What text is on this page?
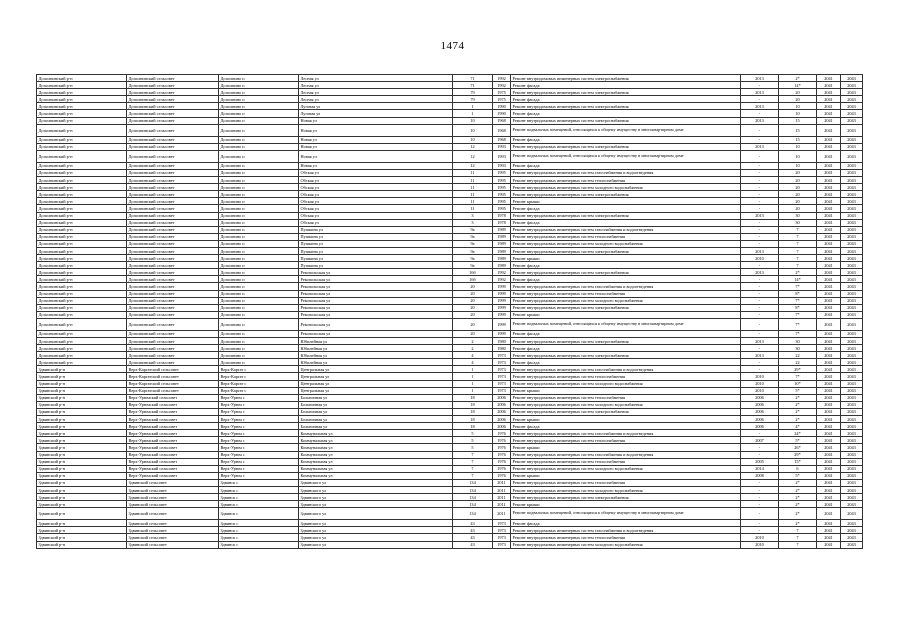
1474
Дополнинский р-н	Дополнинский сельсовет	Дополнино п	Лесная ул	71	1992	Ремонт внутридомовых инженерных систем электроснабжения	2013	2*	2041	2043
Дополнинский р-н	Дополнинский сельсовет	Дополнино п	Лесная ул	71	1992	Ремонт фасада	-	14*	2041	2043
Дополнинский р-н	Дополнинский сельсовет	Дополнино п	Лесная ул	79	1975	Ремонт внутридомовых инженерных систем электроснабжения	2013	20	2041	2043
Дополнинский р-н	Дополнинский сельсовет	Дополнино п	Лесная ул	79	1975	Ремонт фасада	-	20	2041	2043
Дополнинский р-н	Дополнинский сельсовет	Дополнино п	Луговая ул	1	1990	Ремонт внутридомовых инженерных систем электроснабжения	2013	10	2041	2043
Дополнинский р-н	Дополнинский сельсовет	Дополнино п	Луговая ул	1	1990	Ремонт фасада	-	10	2041	2043
Дополнинский р-н	Дополнинский сельсовет	Дополнино п	Новая ул	10	1968	Ремонт внутридомовых инженерных систем электроснабжения	2013	15	2041	2043
Дополнинский р-н	Дополнинский сельсовет	Дополнино п	Новая ул	10	1968	Ремонт подвальных помещений, относящихся к общему имуществу в многоквартирном доме	-	15	2041	2043
Дополнинский р-н	Дополнинский сельсовет	Дополнино п	Новая ул	10	1968	Ремонт фасада	-	15	2041	2043
Дополнинский р-н	Дополнинский сельсовет	Дополнино п	Новая ул	12	1993	Ремонт внутридомовых инженерных систем электроснабжения	2013	10	2041	2043
Дополнинский р-н	Дополнинский сельсовет	Дополнино п	Новая ул	12	1993	Ремонт подвальных помещений, относящихся к общему имуществу в многоквартирном доме	-	10	2041	2043
Дополнинский р-н	Дополнинский сельсовет	Дополнино п	Новая ул	12	1993	Ремонт фасада	-	10	2041	2043
Дополнинский р-н	Дополнинский сельсовет	Дополнино п	Обская ул	11	1995	Ремонт внутридомовых инженерных систем газоснабжения и водоотведения	-	20	2041	2043
Дополнинский р-н	Дополнинский сельсовет	Дополнино п	Обская ул	11	1995	Ремонт внутридомовых инженерных систем теплоснабжения	-	20	2041	2043
Дополнинский р-н	Дополнинский сельсовет	Дополнино п	Обская ул	11	1995	Ремонт внутридомовых инженерных систем холодного водоснабжения	-	20	2041	2043
Дополнинский р-н	Дополнинский сельсовет	Дополнино п	Обская ул	11	1995	Ремонт внутридомовых инженерных систем электроснабжения	-	20	2041	2043
Дополнинский р-н	Дополнинский сельсовет	Дополнино п	Обская ул	11	1995	Ремонт крыши	-	20	2041	2043
Дополнинский р-н	Дополнинский сельсовет	Дополнино п	Обская ул	11	1995	Ремонт фасада	-	20	2041	2043
Дополнинский р-н	Дополнинский сельсовет	Дополнино п	Обская ул	3	1978	Ремонт внутридомовых инженерных систем электроснабжения	2013	30	2041	2043
Дополнинский р-н	Дополнинский сельсовет	Дополнино п	Обская ул	3	1978	Ремонт фасада	-	30	2041	2043
Дополнинский р-н	Дополнинский сельсовет	Дополнино п	Пушкина ул	9а	1989	Ремонт внутридомовых инженерных систем газоснабжения и водоотведения	-	7	2041	2043
Дополнинский р-н	Дополнинский сельсовет	Дополнино п	Пушкина ул	9а	1989	Ремонт внутридомовых инженерных систем теплоснабжения	-	7	2041	2043
Дополнинский р-н	Дополнинский сельсовет	Дополнино п	Пушкина ул	9а	1989	Ремонт внутридомовых инженерных систем холодного водоснабжения	-	7	2041	2043
Дополнинский р-н	Дополнинский сельсовет	Дополнино п	Пушкина ул	9а	1989	Ремонт внутридомовых инженерных систем электроснабжения	2013	7	2041	2043
Дополнинский р-н	Дополнинский сельсовет	Дополнино п	Пушкина ул	9а	1989	Ремонт крыши	2010	7	2041	2043
Дополнинский р-н	Дополнинский сельсовет	Дополнино п	Пушкина ул	9а	1989	Ремонт фасада	-	7	2041	2043
Дополнинский р-н	Дополнинский сельсовет	Дополнино п	Рекопольская ул	16б	1992	Ремонт внутридомовых инженерных систем электроснабжения	2013	2*	2041	2043
Дополнинский р-н	Дополнинский сельсовет	Дополнино п	Рекопольская ул	16б	1992	Ремонт фасада	-	14*	2041	2043
Дополнинский р-н	Дополнинский сельсовет	Дополнино п	Рекопольская ул	20	1999	Ремонт внутридомовых инженерных систем газоснабжения и водоотведения	-	7*	2041	2043
Дополнинский р-н	Дополнинский сельсовет	Дополнино п	Рекопольская ул	20	1999	Ремонт внутридомовых инженерных систем теплоснабжения	-	8*	2041	2043
Дополнинский р-н	Дополнинский сельсовет	Дополнино п	Рекопольская ул	20	1999	Ремонт внутридомовых инженерных систем холодного водоснабжения	-	7*	2041	2043
Дополнинский р-н	Дополнинский сельсовет	Дополнино п	Рекопольская ул	20	1999	Ремонт внутридомовых инженерных систем электроснабжения	-	8*	2041	2043
Дополнинский р-н	Дополнинский сельсовет	Дополнино п	Рекопольская ул	20	1999	Ремонт крыши	-	7*	2041	2043
Дополнинский р-н	Дополнинский сельсовет	Дополнино п	Рекопольская ул	20	1999	Ремонт подвальных помещений, относящихся к общему имуществу в многоквартирном доме	-	7*	2041	2043
Дополнинский р-н	Дополнинский сельсовет	Дополнино п	Рекопольская ул	20	1999	Ремонт фасада	-	7*	2041	2043
Дополнинский р-н	Дополнинский сельсовет	Дополнино п	Юбилейная ул	2	1980	Ремонт внутридомовых инженерных систем электроснабжения	2013	30	2041	2043
Дополнинский р-н	Дополнинский сельсовет	Дополнино п	Юбилейная ул	2	1980	Ремонт фасада	-	30	2041	2043
Дополнинский р-н	Дополнинский сельсовет	Дополнино п	Юбилейная ул	4	1973	Ремонт внутридомовых инженерных систем электроснабжения	2013	22	2041	2043
Дополнинский р-н	Дополнинский сельсовет	Дополнино п	Юбилейная ул	4	1973	Ремонт фасада	-	22	2041	2043
Здвинский р-н	Верх-Каргатский сельсовет	Верх-Каргат с	Центральная ул	1	1973	Ремонт внутридомовых инженерных систем газоснабжения и водоотведения	-	29*	2041	2043
Здвинский р-н	Верх-Каргатский сельсовет	Верх-Каргат с	Центральная ул	1	1973	Ремонт внутридомовых инженерных систем теплоснабжения	2010	7*	2041	2043
Здвинский р-н	Верх-Каргатский сельсовет	Верх-Каргат с	Центральная ул	1	1973	Ремонт внутридомовых инженерных систем холодного водоснабжения	2010	10*	2041	2043
Здвинский р-н	Верх-Каргатский сельсовет	Верх-Каргат с	Центральная ул	1	1973	Ремонт крыши	2010	5*	2041	2043
Здвинский р-н	Верх-Урюмский сельсовет	Верх-Урюм с	Больничная ул	18	2006	Ремонт внутридомовых инженерных систем теплоснабжения	2006	2*	2041	2043
Здвинский р-н	Верх-Урюмский сельсовет	Верх-Урюм с	Больничная ул	18	2006	Ремонт внутридомовых инженерных систем холодного водоснабжения	2006	2*	2041	2043
Здвинский р-н	Верх-Урюмский сельсовет	Верх-Урюм с	Больничная ул	18	2006	Ремонт внутридомовых инженерных систем электроснабжения	2006	2*	2041	2043
Здвинский р-н	Верх-Урюмский сельсовет	Верх-Урюм с	Больничная ул	18	2006	Ремонт крыши	2006	2*	2041	2043
Здвинский р-н	Верх-Урюмский сельсовет	Верх-Урюм с	Больничная ул	18	2006	Ремонт фасада	2006	4*	2041	2043
Здвинский р-н	Верх-Урюмский сельсовет	Верх-Урюм с	Коммунальная ул	5	1976	Ремонт внутридомовых инженерных систем газоснабжения и водоотведения	-	24*	2041	2043
Здвинский р-н	Верх-Урюмский сельсовет	Верх-Урюм с	Коммунальная ул	5	1976	Ремонт внутридомовых инженерных систем теплоснабжения	2007	5*	2041	2043
Здвинский р-н	Верх-Урюмский сельсовет	Верх-Урюм с	Коммунальная ул	5	1976	Ремонт крыши	-	26*	2041	2043
Здвинский р-н	Верх-Урюмский сельсовет	Верх-Урюм с	Коммунальная ул	7	1976	Ремонт внутридомовых инженерных систем газоснабжения и водоотведения	-	29*	2041	2043
Здвинский р-н	Верх-Урюмский сельсовет	Верх-Урюм с	Коммунальная ул	7	1976	Ремонт внутридомовых инженерных систем теплоснабжения	2005	15*	2041	2043
Здвинский р-н	Верх-Урюмский сельсовет	Верх-Урюм с	Коммунальная ул	7	1976	Ремонт внутридомовых инженерных систем холодного водоснабжения	2014	6	2041	2043
Здвинский р-н	Верх-Урюмский сельсовет	Верх-Урюм с	Коммунальная ул	7	1976	Ремонт крыши	2008	5*	2041	2043
Здвинский р-н	Здвинский сельсовет	Здвинск с	Здвинского ул	134	2011	Ремонт внутридомовых инженерных систем теплоснабжения	-	2*	2041	2043
Здвинский р-н	Здвинский сельсовет	Здвинск с	Здвинского ул	134	2011	Ремонт внутридомовых инженерных систем холодного водоснабжения	-	2*	2041	2043
Здвинский р-н	Здвинский сельсовет	Здвинск с	Здвинского ул	134	2011	Ремонт внутридомовых инженерных систем электроснабжения	-	2*	2041	2043
Здвинский р-н	Здвинский сельсовет	Здвинск с	Здвинского ул	134	2011	Ремонт крыши	-	2*	2041	2043
Здвинский р-н	Здвинский сельсовет	Здвинск с	Здвинского ул	134	2011	Ремонт подвальных помещений, относящихся к общему имуществу в многоквартирном доме	-	2*	2041	2043
Здвинский р-н	Здвинский сельсовет	Здвинск с	Здвинского ул	43	1973	Ремонт фасада	-	2*	2041	2043
Здвинский р-н	Здвинский сельсовет	Здвинск с	Здвинского ул	43	1973	Ремонт внутридомовых инженерных систем газоснабжения и водоотведения	-	7	2041	2043
Здвинский р-н	Здвинский сельсовет	Здвинск с	Здвинского ул	43	1973	Ремонт внутридомовых инженерных систем теплоснабжения	2010	7	2041	2043
Здвинский р-н	Здвинский сельсовет	Здвинск с	Здвинского ул	43	1973	Ремонт внутридомовых инженерных систем холодного водоснабжения	2010	7	2041	2043
